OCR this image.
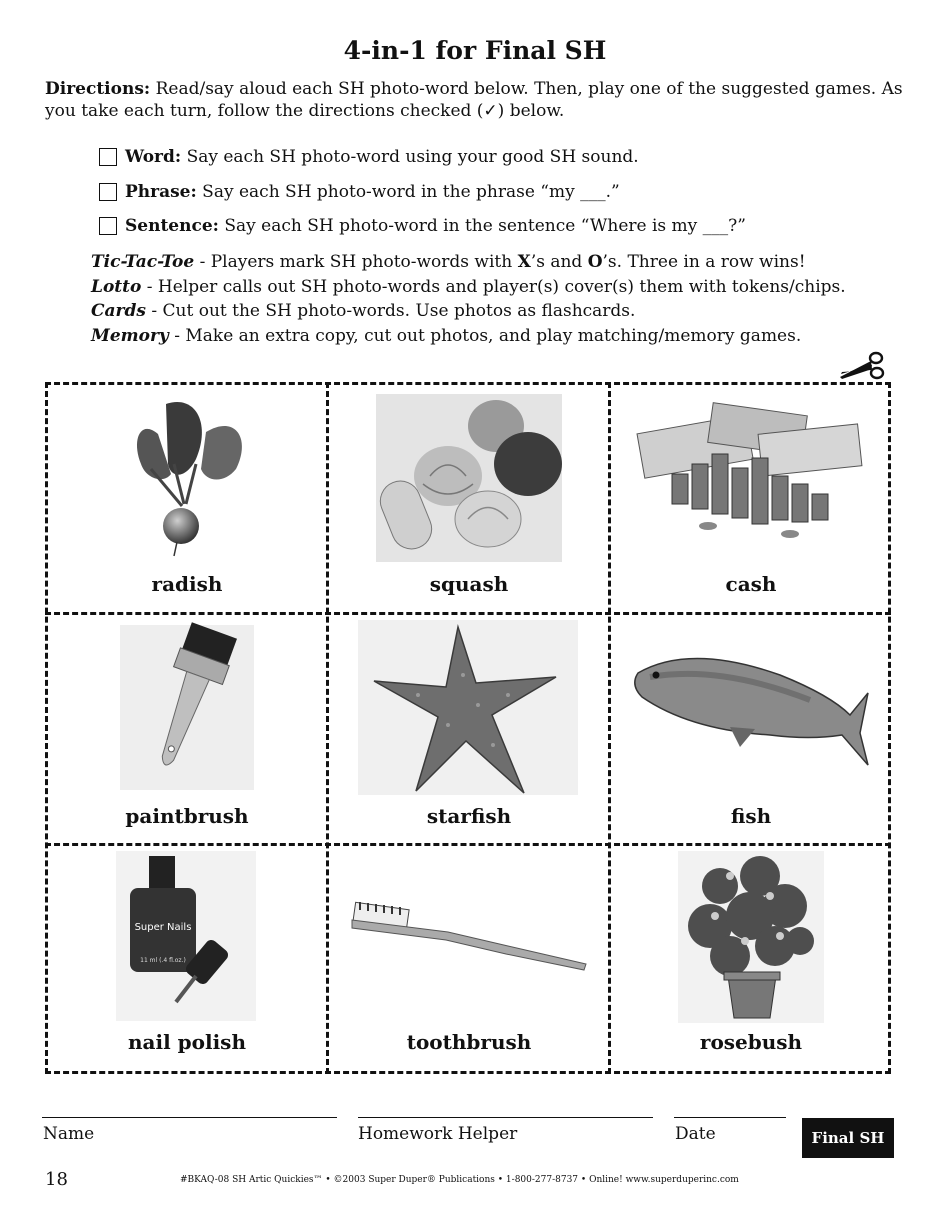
4-in-1 for Final SH
Directions: Read/say aloud each SH photo-word below. Then, play one of the suggested games. As you take each turn, follow the directions checked (✓) below.
Word: Say each SH photo-word using your good SH sound.
Phrase: Say each SH photo-word in the phrase “my ___.”
Sentence: Say each SH photo-word in the sentence “Where is my ___?”
Tic-Tac-Toe - Players mark SH photo-words with X’s and O’s. Three in a row wins!
Lotto - Helper calls out SH photo-words and player(s) cover(s) them with tokens/chips.
Cards - Cut out the SH photo-words. Use photos as flashcards.
Memory - Make an extra copy, cut out photos, and play matching/memory games.
radish	squash	cash
paintbrush	starfish	fish
Super Nails
11 ml (.4 fl.oz.)
nail polish	toothbrush	rosebush
Name	Homework Helper	Date	Final SH
18	#BKAQ-08 SH Artic Quickies™ • ©2003 Super Duper® Publications • 1-800-277-8737 • Online! www.superduperinc.com
